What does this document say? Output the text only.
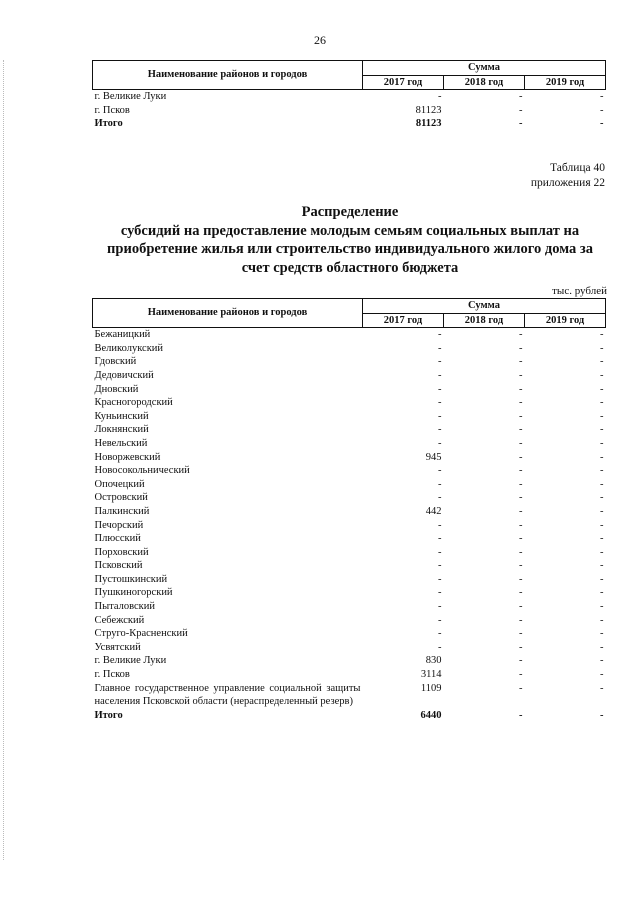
26
Наименование районов и городов	Сумма		
	2017 год	2018 год	2019 год
г. Великие Луки	-	-	-
г. Псков	81123	-	-
Итого	81123	-	-
Таблица 40
приложения 22
Распределение
субсидий на предоставление молодым семьям социальных выплат на
приобретение жилья или строительство индивидуального жилого дома за
счет средств областного бюджета
тыс. рублей
Наименование районов и городов	Сумма		
	2017 год	2018 год	2019 год
Бежаницкий	-	-	-
Великолукский	-	-	-
Гдовский	-	-	-
Дедовичский	-	-	-
Дновский	-	-	-
Красногородский	-	-	-
Куньинский	-	-	-
Локнянский	-	-	-
Невельский	-	-	-
Новоржевский	945	-	-
Новосокольнический	-	-	-
Опочецкий	-	-	-
Островский	-	-	-
Палкинский	442	-	-
Печорский	-	-	-
Плюсский	-	-	-
Порховский	-	-	-
Псковский	-	-	-
Пустошкинский	-	-	-
Пушкиногорский	-	-	-
Пыталовский	-	-	-
Себежский	-	-	-
Струго-Красненский	-	-	-
Усвятский	-	-	-
г. Великие Луки	830	-	-
г. Псков	3114	-	-
Главное государственное управление социальной защиты населения Псковской области (нераспределенный резерв)	1109	-	-
Итого	6440	-	-
